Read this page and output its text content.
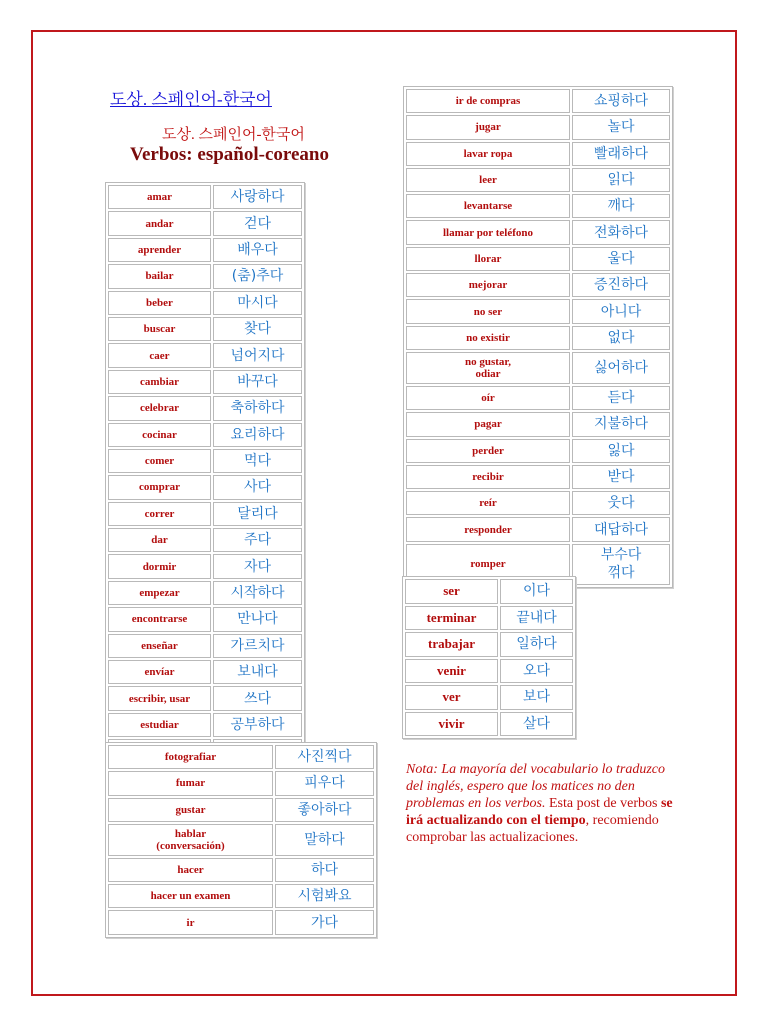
도상. 스페인어-한국어
도상. 스페인어-한국어
Verbos: español-coreano
amar	사랑하다
andar	걷다
aprender	배우다
bailar	(춤)추다
beber	마시다
buscar	찾다
caer	넘어지다
cambiar	바꾸다
celebrar	축하하다
cocinar	요리하다
comer	먹다
comprar	사다
correr	달리다
dar	주다
dormir	자다
empezar	시작하다
encontrarse	만나다
enseñar	가르치다
envíar	보내다
escribir, usar	쓰다
estudiar	공부하다

ir de compras	쇼핑하다
jugar	놀다
lavar ropa	빨래하다
leer	읽다
levantarse	깨다
llamar por teléfono	전화하다
llorar	울다
mejorar	증진하다
no ser	아니다
no existir	없다

no gustar,
odiar	싫어하다
oír	듣다
pagar	지불하다
perder	잃다
recibir	받다
reír	웃다
responder	대답하다
romper	부수다
꺾다
ser	이다
terminar	끝내다
trabajar	일하다
venir	오다
ver	보다
vivir	살다
fotografiar	사진찍다
fumar	피우다
gustar	좋아하다

hablar
(conversación)	말하다
hacer	하다
hacer un examen	시험봐요
ir	가다
Nota: La mayoría del vocabulario lo traduzco del inglés, espero que los matices no den problemas en los verbos. Esta post de verbos se irá actualizando con el tiempo, recomiendo comprobar las actualizaciones.
